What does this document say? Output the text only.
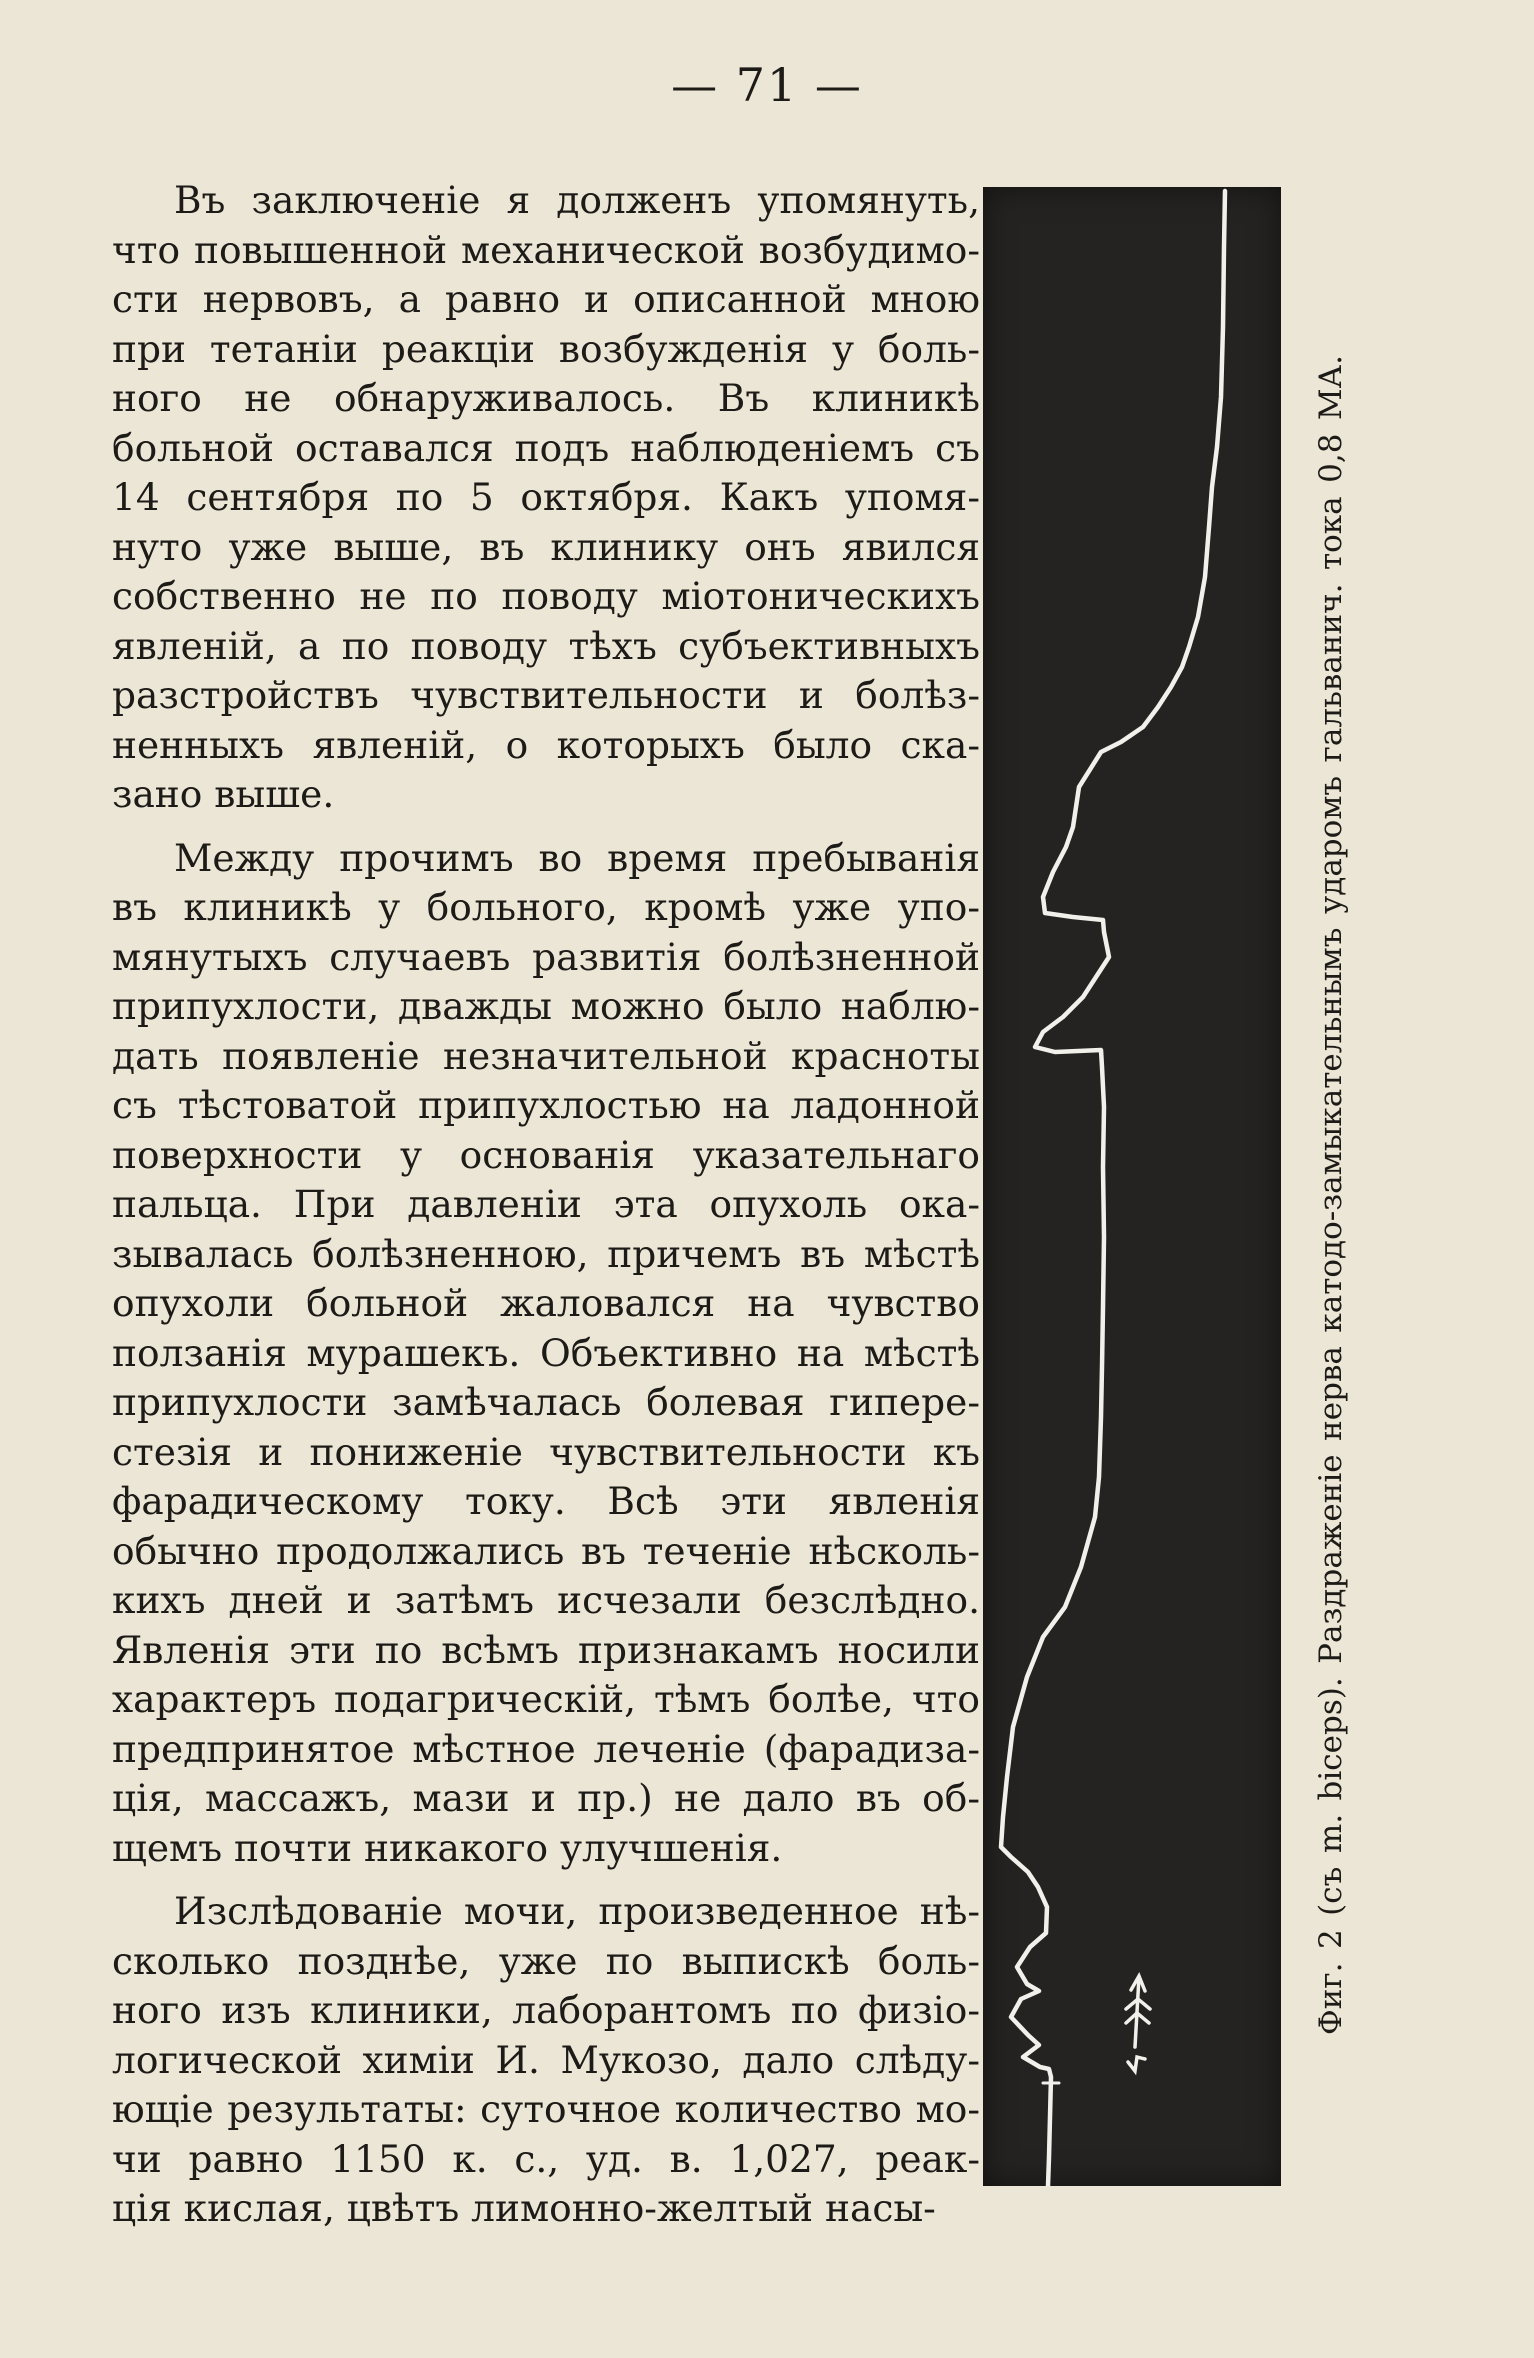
— 71 —
Въ заключеніе я долженъ упомянуть,
что повышенной механической возбудимо-
сти нервовъ, а равно и описанной мною
при тетаніи реакціи возбужденія у боль-
ного не обнаруживалось. Въ клиникѣ
больной оставался подъ наблюденіемъ съ
14 сентября по 5 октября. Какъ упомя-
нуто уже выше, въ клинику онъ явился
собственно не по поводу міотоническихъ
явленій, а по поводу тѣхъ субъективныхъ
разстройствъ чувствительности и болѣз-
ненныхъ явленій, о которыхъ было ска-
зано выше.
Между прочимъ во время пребыванія
въ клиникѣ у больного, кромѣ уже упо-
мянутыхъ случаевъ развитія болѣзненной
припухлости, дважды можно было наблю-
дать появленіе незначительной красноты
съ тѣстоватой припухлостью на ладонной
поверхности у основанія указательнаго
пальца. При давленіи эта опухоль ока-
зывалась болѣзненною, причемъ въ мѣстѣ
опухоли больной жаловался на чувство
ползанія мурашекъ. Объективно на мѣстѣ
припухлости замѣчалась болевая гипере-
стезія и пониженіе чувствительности къ
фарадическому току. Всѣ эти явленія
обычно продолжались въ теченіе нѣсколь-
кихъ дней и затѣмъ исчезали безслѣдно.
Явленія эти по всѣмъ признакамъ носили
характеръ подагрическій, тѣмъ болѣе, что
предпринятое мѣстное леченіе (фарадиза-
ція, массажъ, мази и пр.) не дало въ об-
щемъ почти никакого улучшенія.
Изслѣдованіе мочи, произведенное нѣ-
сколько позднѣе, уже по выпискѣ боль-
ного изъ клиники, лаборантомъ по физіо-
логической химіи И. Мукозо, дало слѣду-
ющіе результаты: суточное количество мо-
чи равно 1150 к. с., уд. в. 1,027, реак-
ція кислая, цвѣтъ лимонно-желтый насы-
Фиг. 2 (съ m. biceps). Раздраженіе нерва катодо-замыкательнымъ ударомъ гальванич. тока 0,8 МА.
